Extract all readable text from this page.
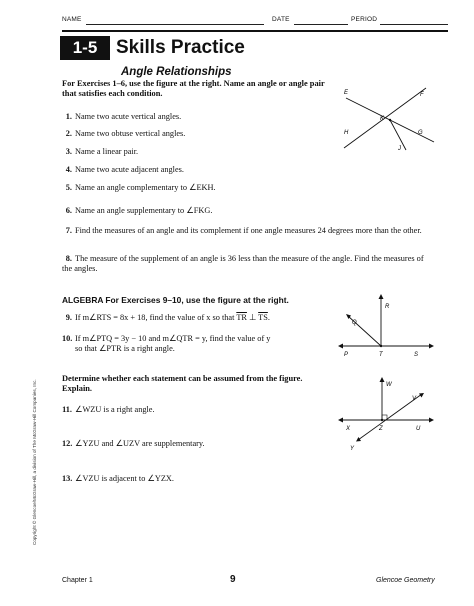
NAME	DATE	PERIOD
1-5 Skills Practice
Angle Relationships
For Exercises 1–6, use the figure at the right. Name an angle or angle pair that satisfies each condition.
1. Name two acute vertical angles.
2. Name two obtuse vertical angles.
3. Name a linear pair.
4. Name two acute adjacent angles.
5. Name an angle complementary to ∠EKH.
6. Name an angle supplementary to ∠FKG.
7. Find the measures of an angle and its complement if one angle measures 24 degrees more than the other.
8. The measure of the supplement of an angle is 36 less than the measure of the angle. Find the measures of the angles.
E	F
K
H	G
J
ALGEBRA For Exercises 9–10, use the figure at the right.
9. If m∠RTS = 8x + 18, find the value of x so that $\overline{TR}$ ⊥ $\overline{TS}$.
10. If m∠PTQ = 3y − 10 and m∠QTR = y, find the value of y
so that ∠PTR is a right angle.
R
Q
P	T	S
Determine whether each statement can be assumed from the figure. Explain.
11. ∠WZU is a right angle.
12. ∠YZU and ∠UZV are supplementary.
13. ∠VZU is adjacent to ∠YZX.
W
V
X	Z	U
Y
Copyright © Glencoe/McGraw-Hill, a division of The McGraw-Hill Companies, Inc.
Chapter 1	9	Glencoe Geometry
